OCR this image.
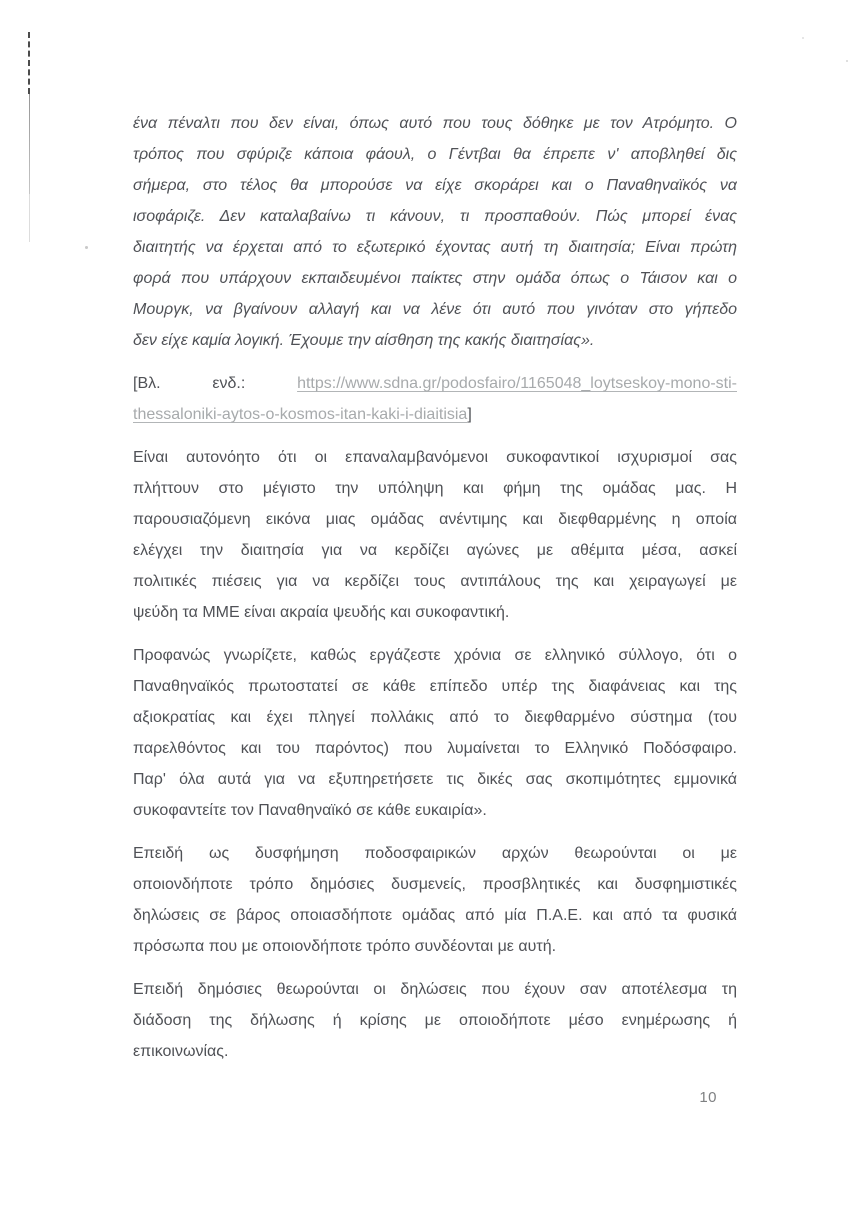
ένα πέναλτι που δεν είναι, όπως αυτό που τους δόθηκε με τον Ατρόμητο. Ο
τρόπος που σφύριζε κάποια φάουλ, ο Γέντβαι θα έπρεπε ν' αποβληθεί δις
σήμερα, στο τέλος θα μπορούσε να είχε σκοράρει και ο Παναθηναϊκός να
ισοφάριζε. Δεν καταλαβαίνω τι κάνουν, τι προσπαθούν. Πώς μπορεί ένας
διαιτητής να έρχεται από το εξωτερικό έχοντας αυτή τη διαιτησία; Είναι πρώτη
φορά που υπάρχουν εκπαιδευμένοι παίκτες στην ομάδα όπως ο Τάισον και ο
Μουργκ, να βγαίνουν αλλαγή και να λένε ότι αυτό που γινόταν στο γήπεδο
δεν είχε καμία λογική. Έχουμε την αίσθηση της κακής διαιτησίας».
[Βλ. ενδ.:	https://www.sdna.gr/podosfairo/1165048_loytseskoy-mono-sti-
thessaloniki-aytos-o-kosmos-itan-kaki-i-diaitisia]
Είναι αυτονόητο ότι οι επαναλαμβανόμενοι συκοφαντικοί ισχυρισμοί σας
πλήττουν στο μέγιστο την υπόληψη και φήμη της ομάδας μας. Η
παρουσιαζόμενη εικόνα μιας ομάδας ανέντιμης και διεφθαρμένης η οποία
ελέγχει την διαιτησία για να κερδίζει αγώνες με αθέμιτα μέσα, ασκεί
πολιτικές πιέσεις για να κερδίζει τους αντιπάλους της και χειραγωγεί με
ψεύδη τα ΜΜΕ είναι ακραία ψευδής και συκοφαντική.
Προφανώς γνωρίζετε, καθώς εργάζεστε χρόνια σε ελληνικό σύλλογο, ότι ο
Παναθηναϊκός πρωτοστατεί σε κάθε επίπεδο υπέρ της διαφάνειας και της
αξιοκρατίας και έχει πληγεί πολλάκις από το διεφθαρμένο σύστημα (του
παρελθόντος και του παρόντος) που λυμαίνεται το Ελληνικό Ποδόσφαιρο.
Παρ' όλα αυτά για να εξυπηρετήσετε τις δικές σας σκοπιμότητες εμμονικά
συκοφαντείτε τον Παναθηναϊκό σε κάθε ευκαιρία».
Επειδή ως δυσφήμηση ποδοσφαιρικών αρχών θεωρούνται οι με
οποιονδήποτε τρόπο δημόσιες δυσμενείς, προσβλητικές και δυσφημιστικές
δηλώσεις σε βάρος οποιασδήποτε ομάδας από μία Π.Α.Ε. και από τα φυσικά
πρόσωπα που με οποιονδήποτε τρόπο συνδέονται με αυτή.
Επειδή δημόσιες θεωρούνται οι δηλώσεις που έχουν σαν αποτέλεσμα τη
διάδοση της δήλωσης ή κρίσης με οποιοδήποτε μέσο ενημέρωσης ή
επικοινωνίας.
10
